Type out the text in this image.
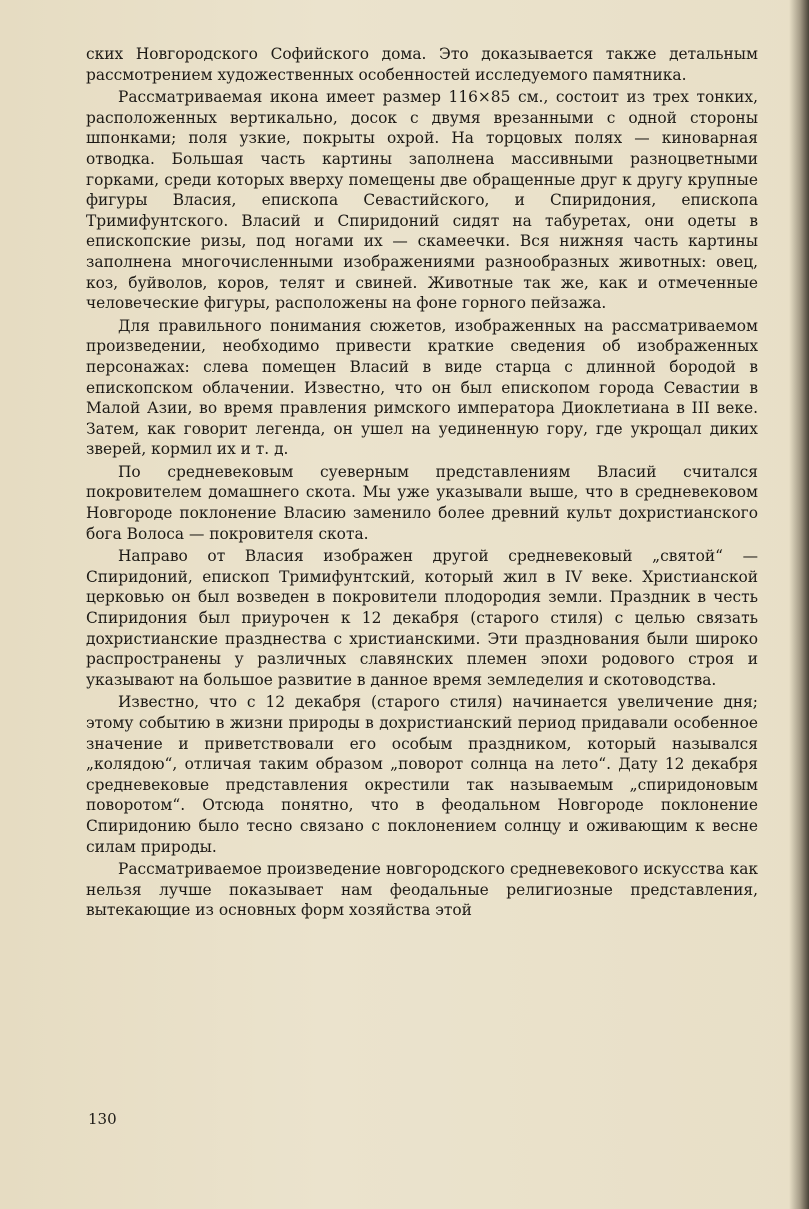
ских Новгородского Софийского дома. Это доказывается также детальным рассмотрением художественных особенностей исследуемого памятника.

Рассматриваемая икона имеет размер 116×85 см., состоит из трех тонких, расположенных вертикально, досок с двумя врезанными с одной стороны шпонками; поля узкие, покрыты охрой. На торцовых полях — киноварная отводка. Большая часть картины заполнена массивными разноцветными горками, среди которых вверху помещены две обращенные друг к другу крупные фигуры Власия, епископа Севастийского, и Спиридония, епископа Тримифунтского. Власий и Спиридоний сидят на табуретах, они одеты в епископские ризы, под ногами их — скамеечки. Вся нижняя часть картины заполнена многочисленными изображениями разнообразных животных: овец, коз, буйволов, коров, телят и свиней. Животные так же, как и отмеченные человеческие фигуры, расположены на фоне горного пейзажа.

Для правильного понимания сюжетов, изображенных на рассматриваемом произведении, необходимо привести краткие сведения об изображенных персонажах: слева помещен Власий в виде старца с длинной бородой в епископском облачении. Известно, что он был епископом города Севастии в Малой Азии, во время правления римского императора Диоклетиана в III веке. Затем, как говорит легенда, он ушел на уединенную гору, где укрощал диких зверей, кормил их и т. д.

По средневековым суеверным представлениям Власий считался покровителем домашнего скота. Мы уже указывали выше, что в средневековом Новгороде поклонение Власию заменило более древний культ дохристианского бога Волоса — покровителя скота.

Направо от Власия изображен другой средневековый „святой“ — Спиридоний, епископ Тримифунтский, который жил в IV веке. Христианской церковью он был возведен в покровители плодородия земли. Праздник в честь Спиридония был приурочен к 12 декабря (старого стиля) с целью связать дохристианские празднества с христианскими. Эти празднования были широко распространены у различных славянских племен эпохи родового строя и указывают на большое развитие в данное время земледелия и скотоводства.

Известно, что с 12 декабря (старого стиля) начинается увеличение дня; этому событию в жизни природы в дохристианский период придавали особенное значение и приветствовали его особым праздником, который назывался „колядою“, отличая таким образом „поворот солнца на лето“. Дату 12 декабря средневековые представления окрестили так называемым „спиридоновым поворотом“. Отсюда понятно, что в феодальном Новгороде поклонение Спиридонию было тесно связано с поклонением солнцу и оживающим к весне силам природы.

Рассматриваемое произведение новгородского средневекового искусства как нельзя лучше показывает нам феодальные религиозные представления, вытекающие из основных форм хозяйства этой

130
